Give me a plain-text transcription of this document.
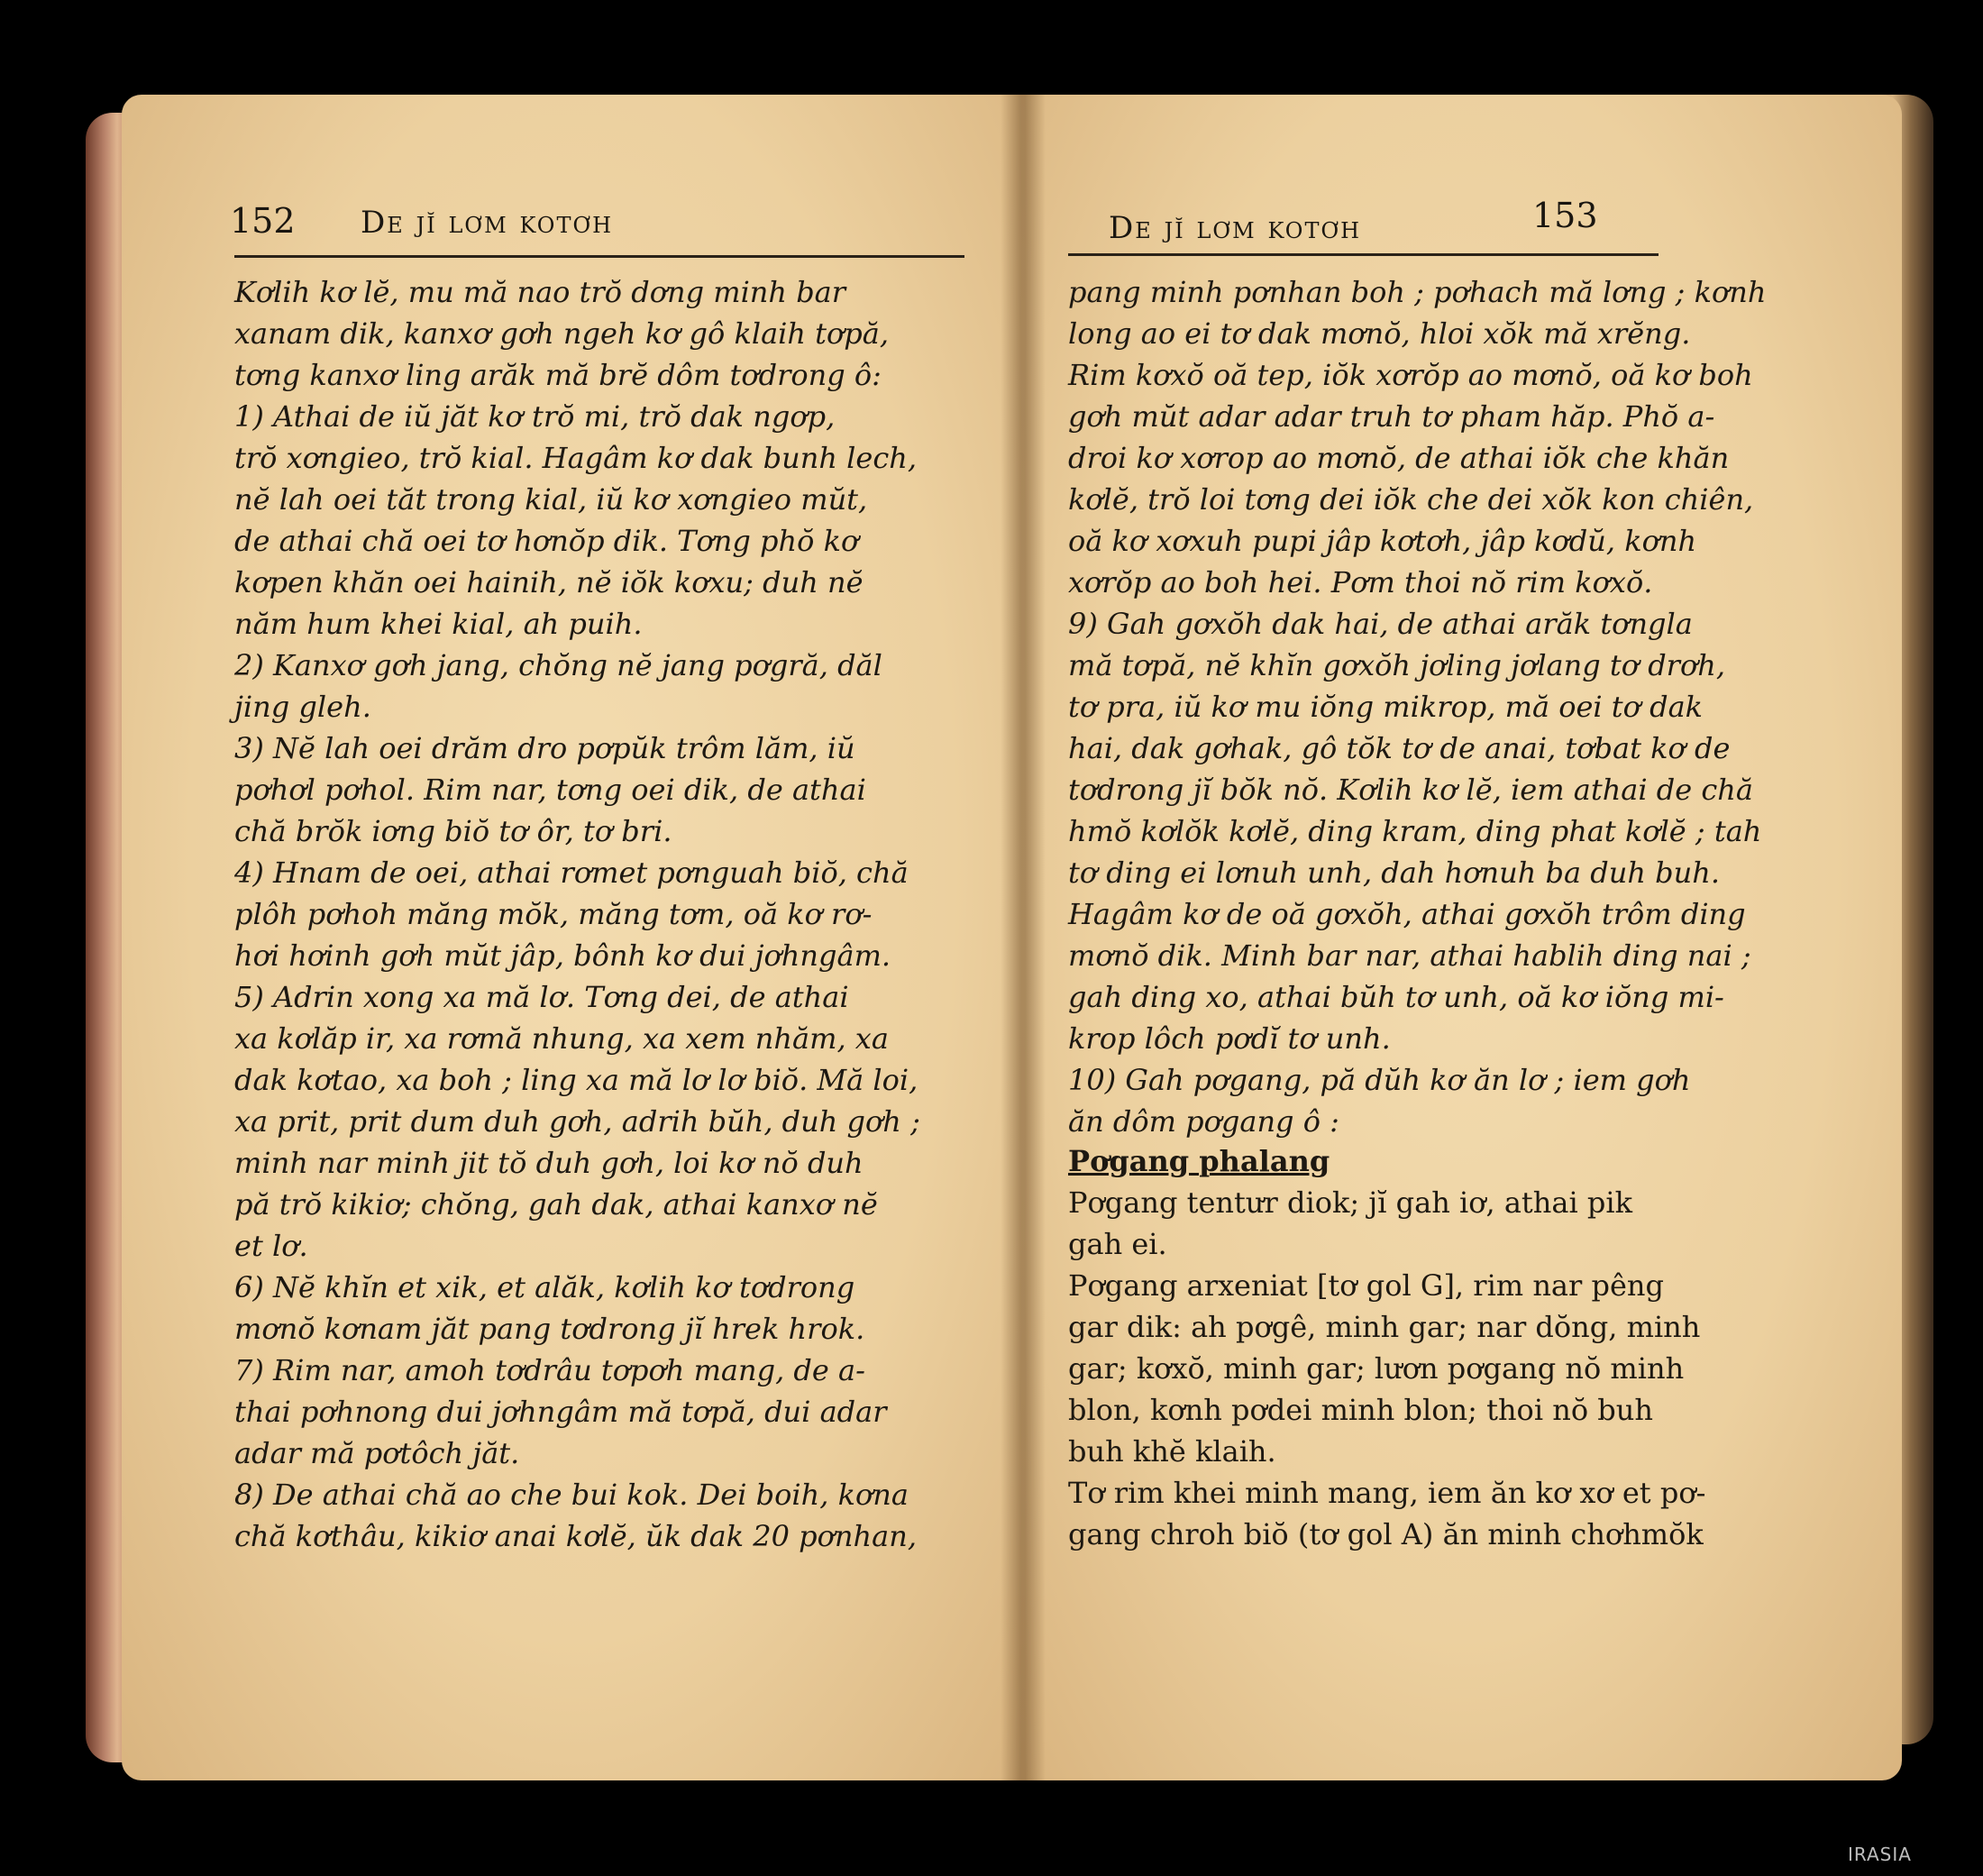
152 De jĭ lơm kotơh
Kơlih kơ lĕ, mu mă nao trŏ dơng minh bar
xanam dik, kanxơ gơh ngeh kơ gô klaih tơpă,
tơng kanxơ ling arăk mă brĕ dôm tơdrong ô:
1) Athai de iŭ jăt kơ trŏ mi, trŏ dak ngơp,
trŏ xơngieo, trŏ kial. Hagâm kơ dak bunh lech,
nĕ lah oei tăt trong kial, iŭ kơ xơngieo mŭt,
de athai chă oei tơ hơnŏp dik. Tơng phŏ kơ
kơpen khăn oei hainih, nĕ iŏk kơxu; duh nĕ
năm hum khei kial, ah puih.
2) Kanxơ gơh jang, chŏng nĕ jang pơgră, dăl
jing gleh.
3) Nĕ lah oei drăm dro pơpŭk trôm lăm, iŭ
pơhơl pơhol. Rim nar, tơng oei dik, de athai
chă brŏk iơng biŏ tơ ôr, tơ bri.
4) Hnam de oei, athai rơmet pơnguah biŏ, chă
plôh pơhoh măng mŏk, măng tơm, oă kơ rơ-
hơi hơinh gơh mŭt jâp, bônh kơ dui jơhngâm.
5) Adrin xong xa mă lơ. Tơng dei, de athai
xa kơlăp ir, xa rơmă nhung, xa xem nhăm, xa
dak kơtao, xa boh ; ling xa mă lơ lơ biŏ. Mă loi,
xa prit, prit dum duh gơh, adrih bŭh, duh gơh ;
minh nar minh jit tŏ duh gơh, loi kơ nŏ duh
pă trŏ kikiơ; chŏng, gah dak, athai kanxơ nĕ
et lơ.
6) Nĕ khĭn et xik, et alăk, kơlih kơ tơdrong
mơnŏ kơnam jăt pang tơdrong jĭ hrek hrok.
7) Rim nar, amoh tơdrâu tơpơh mang, de a-
thai pơhnong dui jơhngâm mă tơpă, dui adar
adar mă pơtôch jăt.
8) De athai chă ao che bui kok. Dei boih, kơna
chă kơthâu, kikiơ anai kơlĕ, ŭk dak 20 pơnhan,
De jĭ lơm kotơh	153
pang minh pơnhan boh ; pơhach mă lơng ; kơnh
long ao ei tơ dak mơnŏ, hloi xŏk mă xrĕng.
Rim kơxŏ oă tep, iŏk xơrŏp ao mơnŏ, oă kơ boh
gơh mŭt adar adar truh tơ pham hăp. Phŏ a-
droi kơ xơrop ao mơnŏ, de athai iŏk che khăn
kơlĕ, trŏ loi tơng dei iŏk che dei xŏk kon chiên,
oă kơ xơxuh pupi jâp kơtơh, jâp kơdŭ, kơnh
xơrŏp ao boh hei. Pơm thoi nŏ rim kơxŏ.
9) Gah gơxŏh dak hai, de athai arăk tơngla
mă tơpă, nĕ khĭn gơxŏh jơling jơlang tơ drơh,
tơ pra, iŭ kơ mu iŏng mikrop, mă oei tơ dak
hai, dak gơhak, gô tŏk tơ de anai, tơbat kơ de
tơdrong jĭ bŏk nŏ. Kơlih kơ lĕ, iem athai de chă
hmŏ kơlŏk kơlĕ, ding kram, ding phat kơlĕ ; tah
tơ ding ei lơnuh unh, dah hơnuh ba duh buh.
Hagâm kơ de oă gơxŏh, athai gơxŏh trôm ding
mơnŏ dik. Minh bar nar, athai hablih ding nai ;
gah ding xo, athai bŭh tơ unh, oă kơ iŏng mi-
krop lôch pơdĭ tơ unh.
10) Gah pơgang, pă dŭh kơ ăn lơ ; iem gơh
ăn dôm pơgang ô :
Pơgang phalang
Pơgang tentưr diok; jĭ gah iơ, athai pik
gah ei.
Pơgang arxeniat [tơ gol G], rim nar pêng
gar dik: ah pơgê, minh gar; nar dŏng, minh
gar; kơxŏ, minh gar; lươn pơgang nŏ minh
blon, kơnh pơdei minh blon; thoi nŏ buh
buh khĕ klaih.
Tơ rim khei minh mang, iem ăn kơ xơ et pơ-
gang chroh biŏ (tơ gol A) ăn minh chơhmŏk
IRASIA
